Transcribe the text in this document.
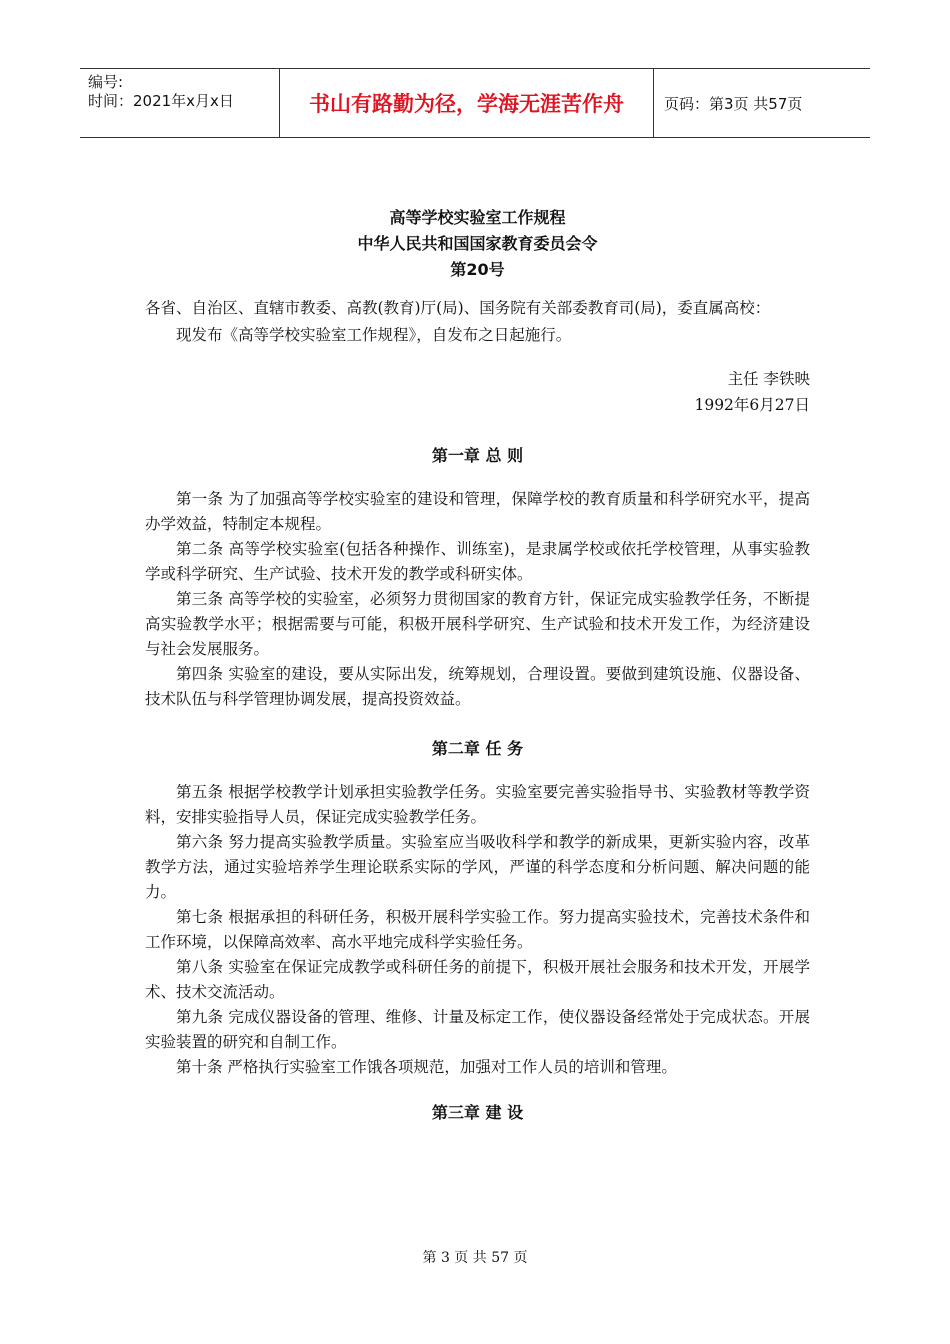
编号:
时间：2021年x月x日	书山有路勤为径，学海无涯苦作舟	页码：第3页 共57页
高等学校实验室工作规程
中华人民共和国国家教育委员会令
第20号

各省、自治区、直辖市教委、高教(教育)厅(局)、国务院有关部委教育司(局)，委直属高校：

现发布《高等学校实验室工作规程》，自发布之日起施行。

主任 李铁映
1992年6月27日
第一章 总 则

第一条 为了加强高等学校实验室的建设和管理，保障学校的教育质量和科学研究水平，提高办学效益，特制定本规程。

第二条 高等学校实验室(包括各种操作、训练室)，是隶属学校或依托学校管理，从事实验教学或科学研究、生产试验、技术开发的教学或科研实体。

第三条 高等学校的实验室，必须努力贯彻国家的教育方针，保证完成实验教学任务，不断提高实验教学水平；根据需要与可能，积极开展科学研究、生产试验和技术开发工作，为经济建设与社会发展服务。

第四条 实验室的建设，要从实际出发，统筹规划，合理设置。要做到建筑设施、仪器设备、技术队伍与科学管理协调发展，提高投资效益。

第二章 任 务

第五条 根据学校教学计划承担实验教学任务。实验室要完善实验指导书、实验教材等教学资料，安排实验指导人员，保证完成实验教学任务。

第六条 努力提高实验教学质量。实验室应当吸收科学和教学的新成果，更新实验内容，改革教学方法，通过实验培养学生理论联系实际的学风，严谨的科学态度和分析问题、解决问题的能力。

第七条 根据承担的科研任务，积极开展科学实验工作。努力提高实验技术，完善技术条件和工作环境，以保障高效率、高水平地完成科学实验任务。

第八条 实验室在保证完成教学或科研任务的前提下，积极开展社会服务和技术开发，开展学术、技术交流活动。

第九条 完成仪器设备的管理、维修、计量及标定工作，使仪器设备经常处于完成状态。开展实验装置的研究和自制工作。

第十条 严格执行实验室工作饿各项规范，加强对工作人员的培训和管理。

第三章 建 设
第 3 页 共 57 页
